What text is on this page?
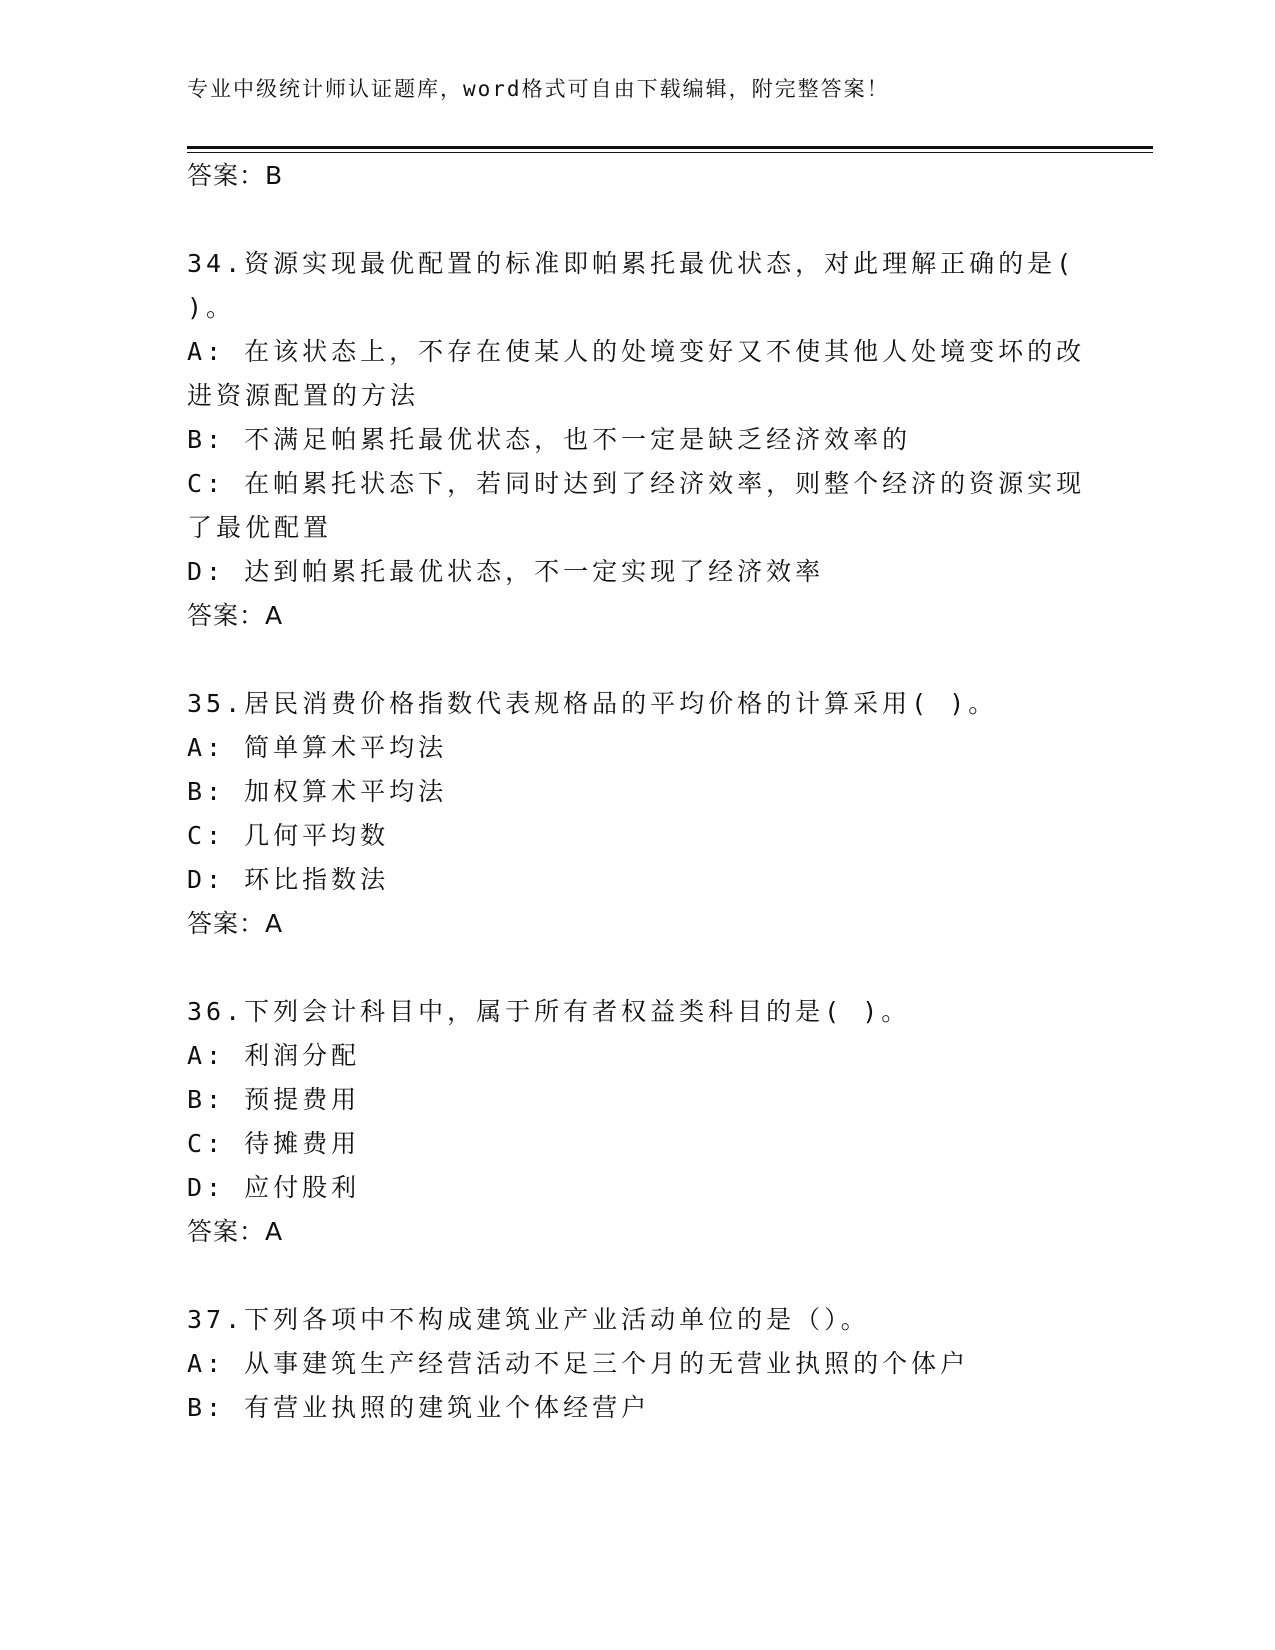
专业中级统计师认证题库，word格式可自由下载编辑，附完整答案！
答案：B
34.资源实现最优配置的标准即帕累托最优状态，对此理解正确的是(
)。
A: 在该状态上，不存在使某人的处境变好又不使其他人处境变坏的改
进资源配置的方法
B: 不满足帕累托最优状态，也不一定是缺乏经济效率的
C: 在帕累托状态下，若同时达到了经济效率，则整个经济的资源实现
了最优配置
D: 达到帕累托最优状态，不一定实现了经济效率
答案：A
35.居民消费价格指数代表规格品的平均价格的计算采用( )。
A: 简单算术平均法
B: 加权算术平均法
C: 几何平均数
D: 环比指数法
答案：A
36.下列会计科目中，属于所有者权益类科目的是( )。
A: 利润分配
B: 预提费用
C: 待摊费用
D: 应付股利
答案：A
37.下列各项中不构成建筑业产业活动单位的是（）。
A: 从事建筑生产经营活动不足三个月的无营业执照的个体户
B: 有营业执照的建筑业个体经营户
